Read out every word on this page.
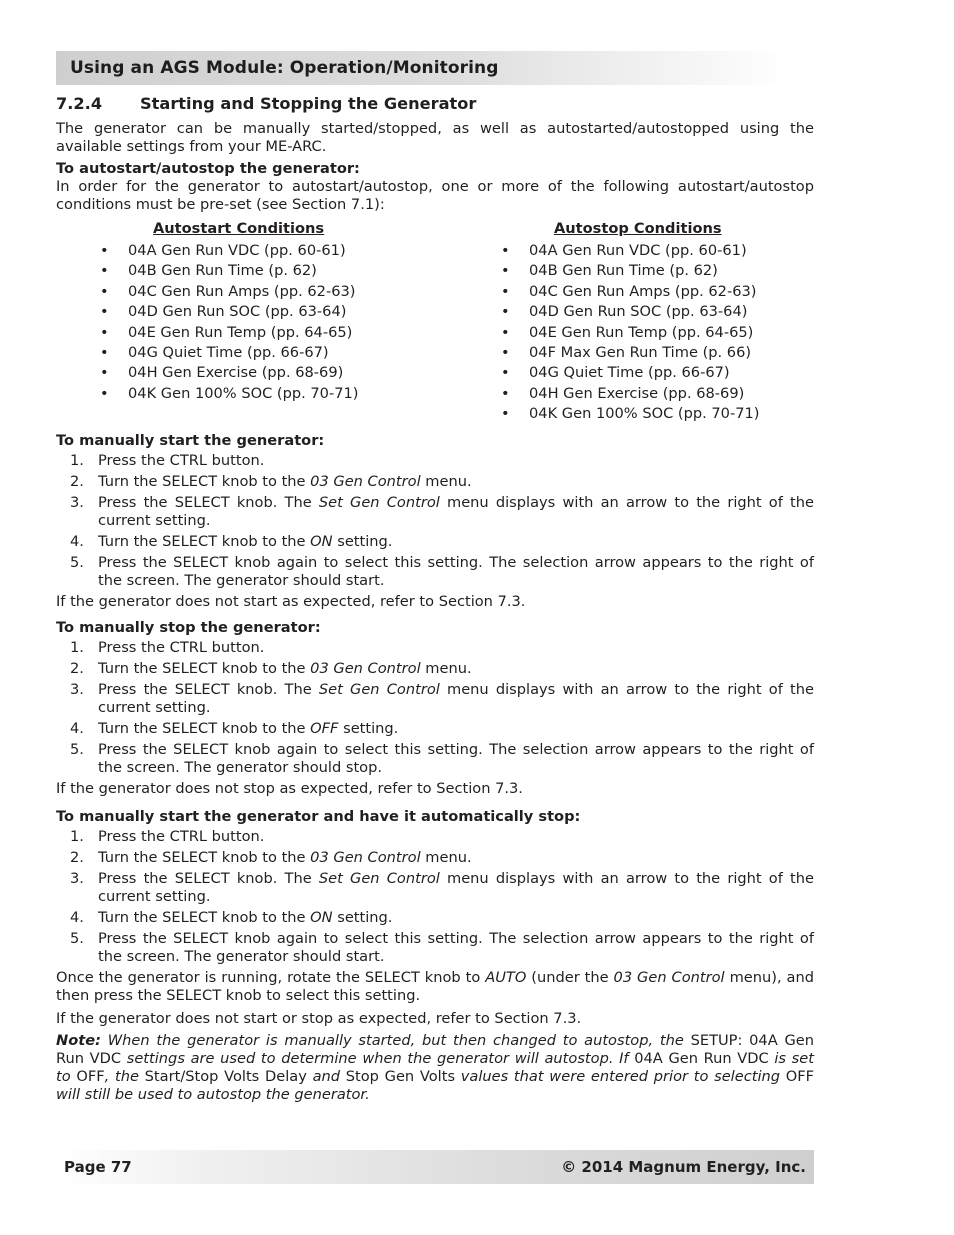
Using an AGS Module: Operation/Monitoring
7.2.4 Starting and Stopping the Generator

The generator can be manually started/stopped, as well as autostarted/autostopped using the available settings from your ME-ARC.

To autostart/autostop the generator:

In order for the generator to autostart/autostop, one or more of the following autostart/autostop conditions must be pre-set (see Section 7.1):

Autostart Conditions
• 04A Gen Run VDC (pp. 60-61)
• 04B Gen Run Time (p. 62)
• 04C Gen Run Amps (pp. 62-63)
• 04D Gen Run SOC (pp. 63-64)
• 04E Gen Run Temp (pp. 64-65)
• 04G Quiet Time (pp. 66-67)
• 04H Gen Exercise (pp. 68-69)
• 04K Gen 100% SOC (pp. 70-71)
Autostop Conditions
• 04A Gen Run VDC (pp. 60-61)
• 04B Gen Run Time (p. 62)
• 04C Gen Run Amps (pp. 62-63)
• 04D Gen Run SOC (pp. 63-64)
• 04E Gen Run Temp (pp. 64-65)
• 04F Max Gen Run Time (p. 66)
• 04G Quiet Time (pp. 66-67)
• 04H Gen Exercise (pp. 68-69)
• 04K Gen 100% SOC (pp. 70-71)

To manually start the generator:

1. Press the CTRL button.
2. Turn the SELECT knob to the 03 Gen Control menu.
3. Press the SELECT knob. The Set Gen Control menu displays with an arrow to the right of the current setting.
4. Turn the SELECT knob to the ON setting.
5. Press the SELECT knob again to select this setting. The selection arrow appears to the right of the screen. The generator should start.

If the generator does not start as expected, refer to Section 7.3.

To manually stop the generator:

1. Press the CTRL button.
2. Turn the SELECT knob to the 03 Gen Control menu.
3. Press the SELECT knob. The Set Gen Control menu displays with an arrow to the right of the current setting.
4. Turn the SELECT knob to the OFF setting.
5. Press the SELECT knob again to select this setting. The selection arrow appears to the right of the screen. The generator should stop.

If the generator does not stop as expected, refer to Section 7.3.

To manually start the generator and have it automatically stop:

1. Press the CTRL button.
2. Turn the SELECT knob to the 03 Gen Control menu.
3. Press the SELECT knob. The Set Gen Control menu displays with an arrow to the right of the current setting.
4. Turn the SELECT knob to the ON setting.
5. Press the SELECT knob again to select this setting. The selection arrow appears to the right of the screen. The generator should start.

Once the generator is running, rotate the SELECT knob to AUTO (under the 03 Gen Control menu), and then press the SELECT knob to select this setting.

If the generator does not start or stop as expected, refer to Section 7.3.

Note: When the generator is manually started, but then changed to autostop, the SETUP: 04A Gen Run VDC settings are used to determine when the generator will autostop. If 04A Gen Run VDC is set to OFF, the Start/Stop Volts Delay and Stop Gen Volts values that were entered prior to selecting OFF will still be used to autostop the generator.

Page 77	© 2014 Magnum Energy, Inc.
